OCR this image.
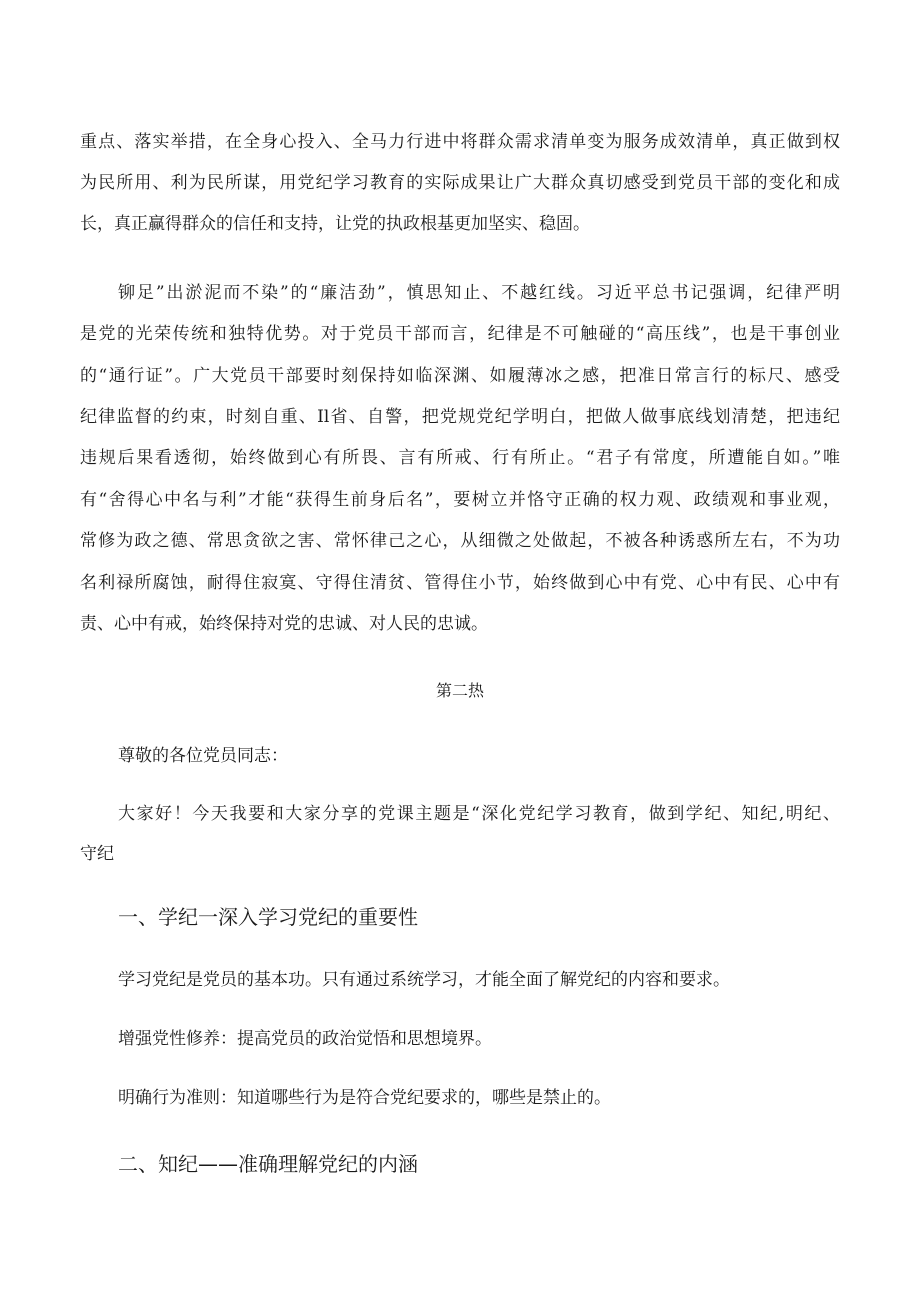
重点、落实举措，在全身心投入、全马力行进中将群众需求清单变为服务成效清单，真正做到权
为民所用、利为民所谋，用党纪学习教育的实际成果让广大群众真切感受到党员干部的变化和成
长，真正赢得群众的信任和支持，让党的执政根基更加坚实、稳固。
铆足”出淤泥而不染”的“廉洁劲”，慎思知止、不越红线。习近平总书记强调，纪律严明
是党的光荣传统和独特优势。对于党员干部而言，纪律是不可触碰的“高压线”，也是干事创业
的“通行证”。广大党员干部要时刻保持如临深渊、如履薄冰之感，把准日常言行的标尺、感受
纪律监督的约束，时刻自重、Il省、自警，把党规党纪学明白，把做人做事底线划清楚，把违纪
违规后果看透彻，始终做到心有所畏、言有所戒、行有所止。“君子有常度，所遭能自如。”唯
有“舍得心中名与利”才能“获得生前身后名”，要树立并恪守正确的权力观、政绩观和事业观，
常修为政之德、常思贪欲之害、常怀律己之心，从细微之处做起，不被各种诱惑所左右，不为功
名利禄所腐蚀，耐得住寂寞、守得住清贫、管得住小节，始终做到心中有党、心中有民、心中有
责、心中有戒，始终保持对党的忠诚、对人民的忠诚。
第二热
尊敬的各位党员同志：
大家好！今天我要和大家分享的党课主题是“深化党纪学习教育，做到学纪、知纪,明纪、
守纪
一、学纪一深入学习党纪的重要性
学习党纪是党员的基本功。只有通过系统学习，才能全面了解党纪的内容和要求。
增强党性修养：提高党员的政治觉悟和思想境界。
明确行为准则：知道哪些行为是符合党纪要求的，哪些是禁止的。
二、知纪——准确理解党纪的内涵
